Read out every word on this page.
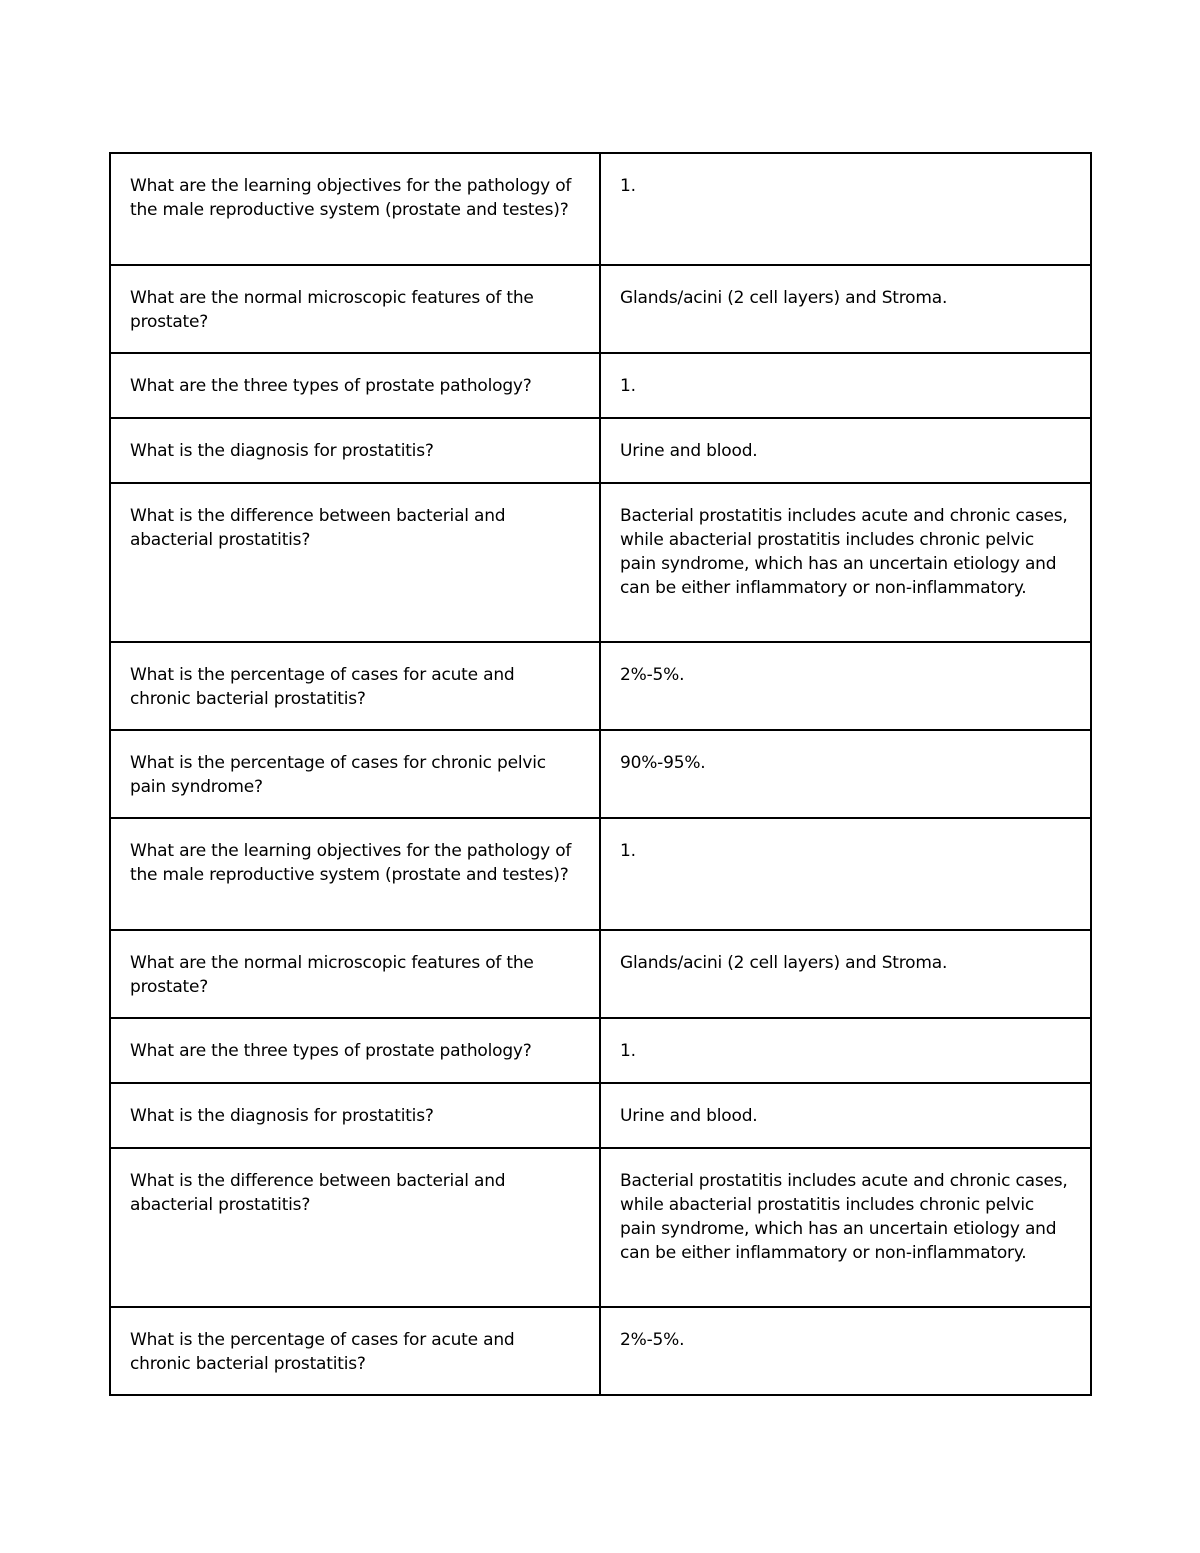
What are the learning objectives for the pathology of the male reproductive system (prostate and testes)?	1.
What are the normal microscopic features of the prostate?	Glands/acini (2 cell layers) and Stroma.
What are the three types of prostate pathology?	1.
What is the diagnosis for prostatitis?	Urine and blood.
What is the difference between bacterial and abacterial prostatitis?	Bacterial prostatitis includes acute and chronic cases, while abacterial prostatitis includes chronic pelvic pain syndrome, which has an uncertain etiology and can be either inflammatory or non-inflammatory.
What is the percentage of cases for acute and chronic bacterial prostatitis?	2%-5%.
What is the percentage of cases for chronic pelvic pain syndrome?	90%-95%.
What are the learning objectives for the pathology of the male reproductive system (prostate and testes)?	1.
What are the normal microscopic features of the prostate?	Glands/acini (2 cell layers) and Stroma.
What are the three types of prostate pathology?	1.
What is the diagnosis for prostatitis?	Urine and blood.
What is the difference between bacterial and abacterial prostatitis?	Bacterial prostatitis includes acute and chronic cases, while abacterial prostatitis includes chronic pelvic pain syndrome, which has an uncertain etiology and can be either inflammatory or non-inflammatory.
What is the percentage of cases for acute and chronic bacterial prostatitis?	2%-5%.
